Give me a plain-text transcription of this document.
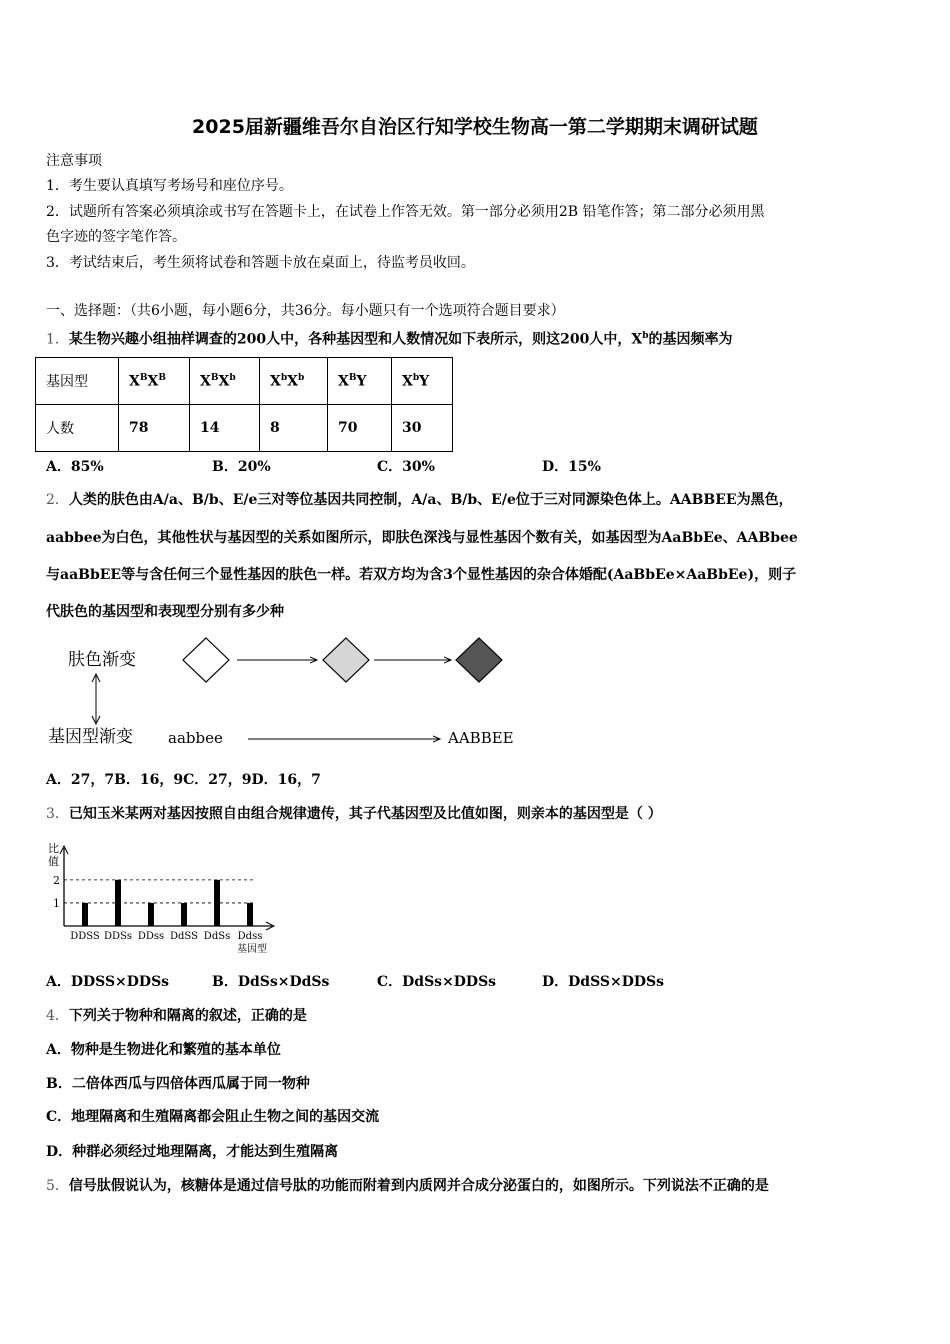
2025届新疆维吾尔自治区行知学校生物高一第二学期期末调研试题
注意事项
1．考生要认真填写考场号和座位序号。
2．试题所有答案必须填涂或书写在答题卡上，在试卷上作答无效。第一部分必须用2B 铅笔作答；第二部分必须用黑
色字迹的签字笔作答。
3．考试结束后，考生须将试卷和答题卡放在桌面上，待监考员收回。
一、选择题：（共6小题，每小题6分，共36分。每小题只有一个选项符合题目要求）
1．某生物兴趣小组抽样调查的200人中，各种基因型和人数情况如下表所示，则这200人中，$X^b$的基因频率为
基因型	$X^BX^B$	$X^BX^b$	$X^bX^b$	$X^BY$	$X^bY$
人数	78	14	8	70	30
A．85%	B．20%	C．30%	D．15%
2．人类的肤色由A/a、B/b、E/e三对等位基因共同控制，A/a、B/b、E/e位于三对同源染色体上。AABBEE为黑色，
aabbee为白色，其他性状与基因型的关系如图所示，即肤色深浅与显性基因个数有关，如基因型为AaBbEe、AABbee
与aaBbEE等与含任何三个显性基因的肤色一样。若双方均为含3个显性基因的杂合体婚配(AaBbEe×AaBbEe)，则子
代肤色的基因型和表现型分别有多少种
肤色渐变
基因型渐变 aabbee	AABBEE
A．27，7B．16，9C．27，9D．16，7
3．已知玉米某两对基因按照自由组合规律遗传，其子代基因型及比值如图，则亲本的基因型是（ ）
比
值
1
2
DDSS DDSs DDss DdSS DdSs Ddss
基因型
A．DDSS×DDSs	B．DdSs×DdSs	C．DdSs×DDSs	D．DdSS×DDSs
4．下列关于物种和隔离的叙述，正确的是
A．物种是生物进化和繁殖的基本单位
B．二倍体西瓜与四倍体西瓜属于同一物种
C．地理隔离和生殖隔离都会阻止生物之间的基因交流
D．种群必须经过地理隔离，才能达到生殖隔离
5．信号肽假说认为，核糖体是通过信号肽的功能而附着到内质网并合成分泌蛋白的，如图所示。下列说法不正确的是
